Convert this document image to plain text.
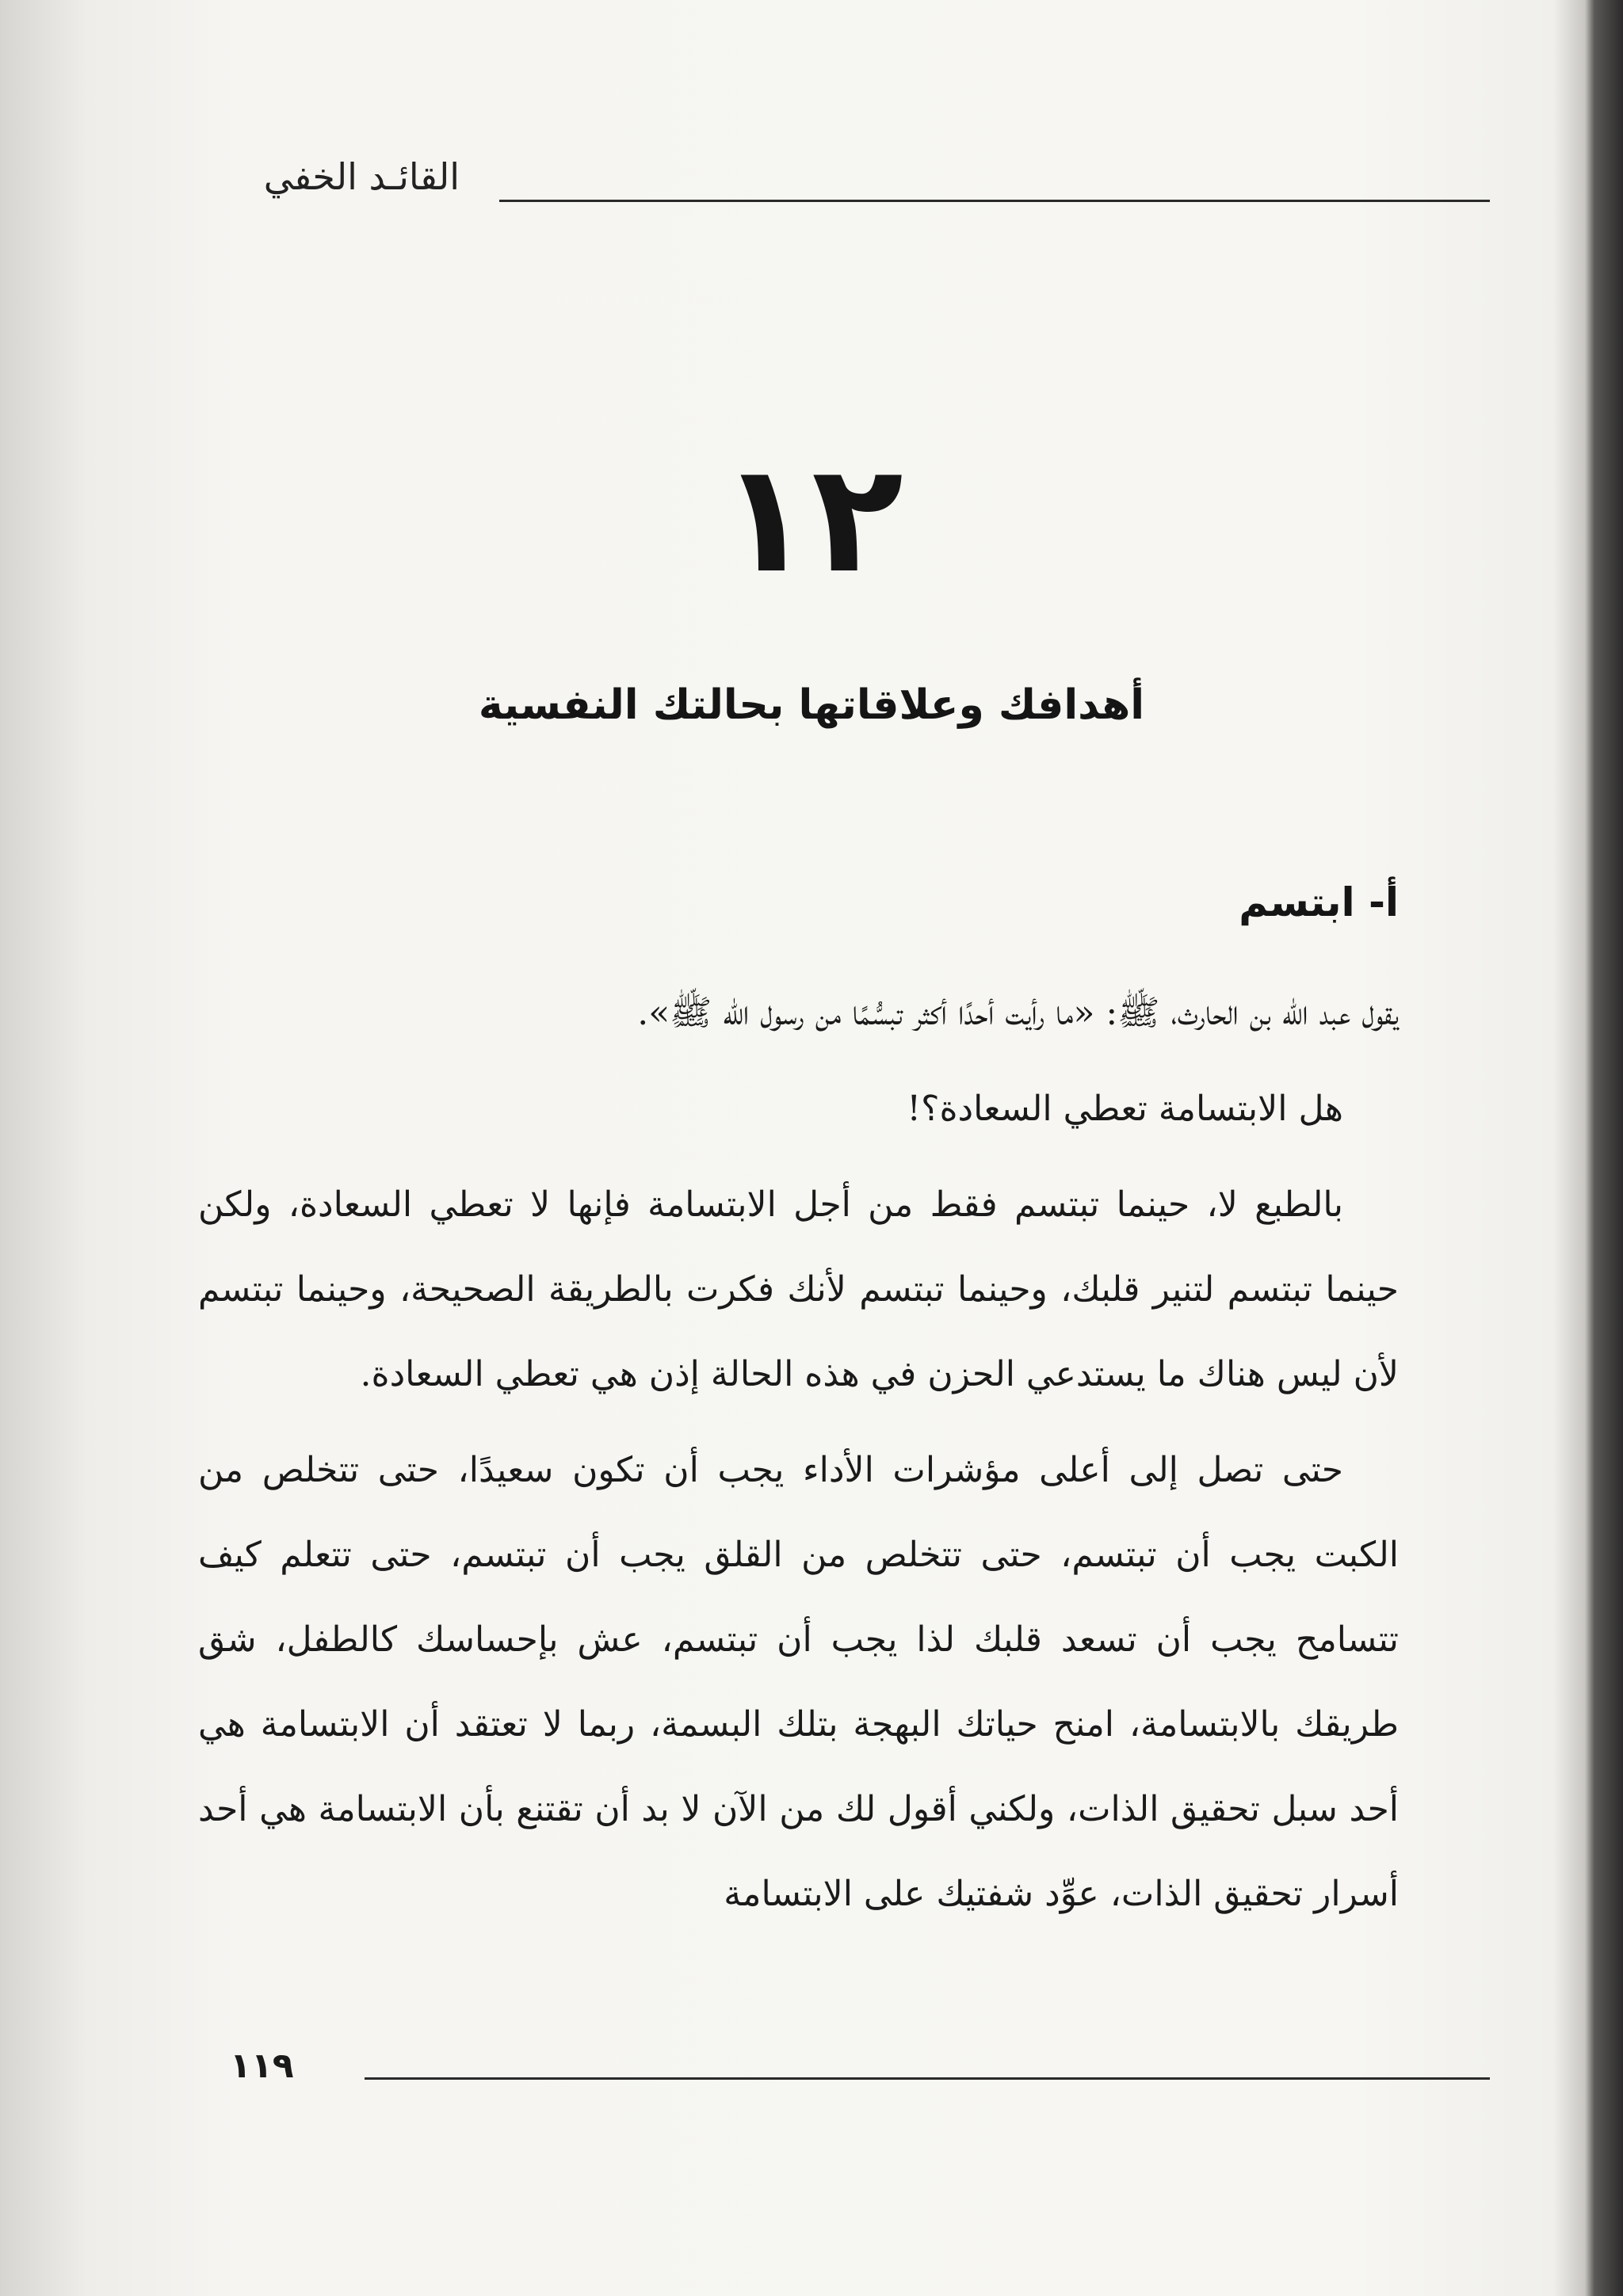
القائـد الخفي
١٢
أهدافك وعلاقاتها بحالتك النفسية
أ- ابتسم

يقول عبد الله بن الحارث، ﷺ: «ما رأيت أحدًا أكثر تبسُّمًا من رسول الله ﷺ».

هل الابتسامة تعطي السعادة؟!

بالطبع لا، حينما تبتسم فقط من أجل الابتسامة فإنها لا تعطي السعادة، ولكن حينما تبتسم لتنير قلبك، وحينما تبتسم لأنك فكرت بالطريقة الصحيحة، وحينما تبتسم لأن ليس هناك ما يستدعي الحزن في هذه الحالة إذن هي تعطي السعادة.

حتى تصل إلى أعلى مؤشرات الأداء يجب أن تكون سعيدًا، حتى تتخلص من الكبت يجب أن تبتسم، حتى تتخلص من القلق يجب أن تبتسم، حتى تتعلم كيف تتسامح يجب أن تسعد قلبك لذا يجب أن تبتسم، عش بإحساسك كالطفل، شق طريقك بالابتسامة، امنح حياتك البهجة بتلك البسمة، ربما لا تعتقد أن الابتسامة هي أحد سبل تحقيق الذات، ولكني أقول لك من الآن لا بد أن تقتنع بأن الابتسامة هي أحد أسرار تحقيق الذات، عوِّد شفتيك على الابتسامة

١١٩
